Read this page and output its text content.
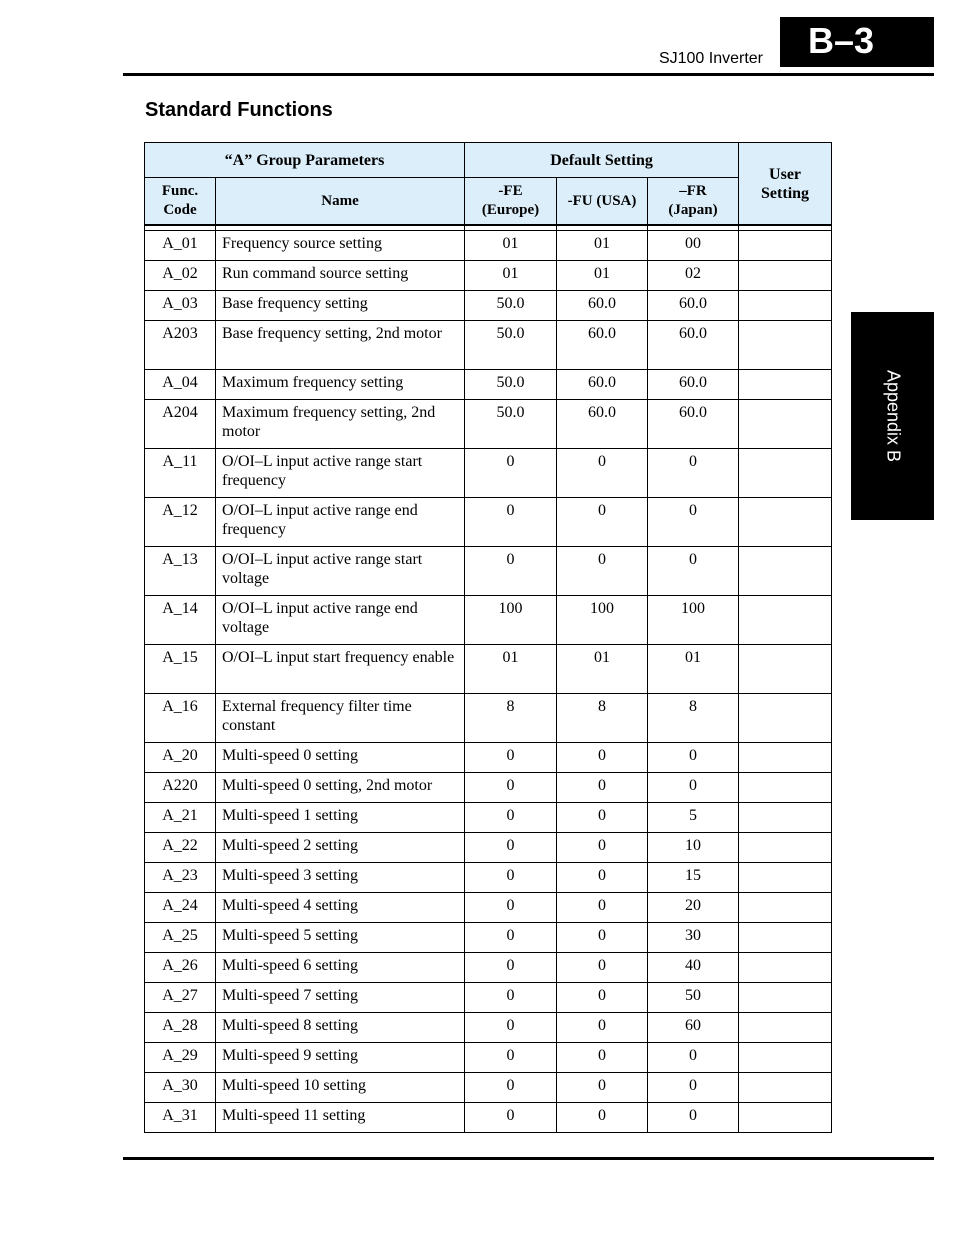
SJ100 Inverter	B–3
Appendix B
Standard Functions
“A” Group Parameters		Default Setting			User Setting
Func. Code	Name	-FE (Europe)	-FU (USA)	–FR (Japan)	

A_01	Frequency source setting	01	01	00	
A_02	Run command source setting	01	01	02	
A_03	Base frequency setting	50.0	60.0	60.0	
A203	Base frequency setting, 2nd motor	50.0	60.0	60.0	
A_04	Maximum frequency setting	50.0	60.0	60.0	
A204	Maximum frequency setting, 2nd motor	50.0	60.0	60.0	
A_11	O/OI–L input active range start frequency	0	0	0	
A_12	O/OI–L input active range end frequency	0	0	0	
A_13	O/OI–L input active range start voltage	0	0	0	
A_14	O/OI–L input active range end voltage	100	100	100	
A_15	O/OI–L input start frequency enable	01	01	01	
A_16	External frequency filter time constant	8	8	8	
A_20	Multi-speed 0 setting	0	0	0	
A220	Multi-speed 0 setting, 2nd motor	0	0	0	
A_21	Multi-speed 1 setting	0	0	5	
A_22	Multi-speed 2 setting	0	0	10	
A_23	Multi-speed 3 setting	0	0	15	
A_24	Multi-speed 4 setting	0	0	20	
A_25	Multi-speed 5 setting	0	0	30	
A_26	Multi-speed 6 setting	0	0	40	
A_27	Multi-speed 7 setting	0	0	50	
A_28	Multi-speed 8 setting	0	0	60	
A_29	Multi-speed 9 setting	0	0	0	
A_30	Multi-speed 10 setting	0	0	0	
A_31	Multi-speed 11 setting	0	0	0	
